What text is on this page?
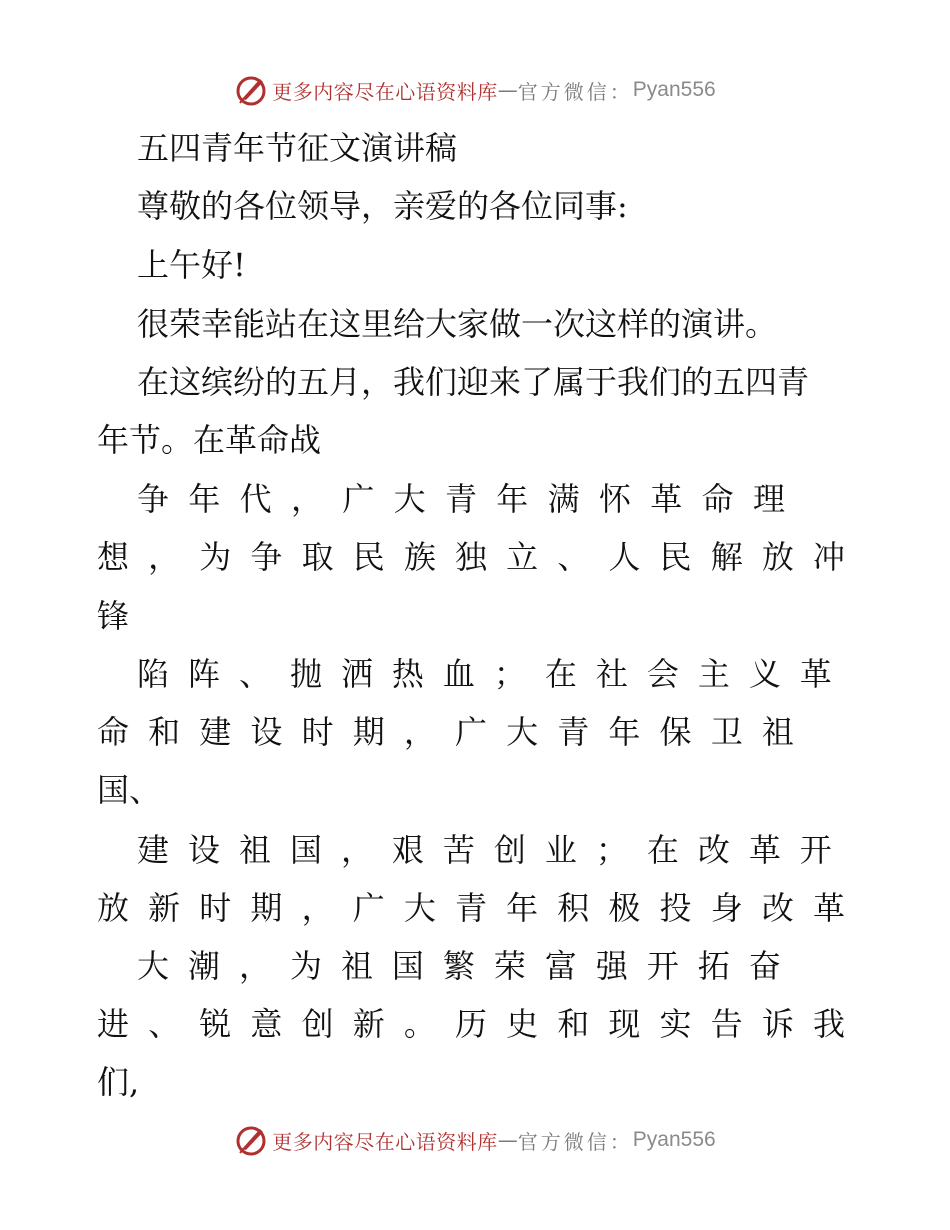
更多内容尽在心语资料库 — 官方微信： Pyan556
五四青年节征文演讲稿
尊敬的各位领导，亲爱的各位同事:
上午好!
很荣幸能站在这里给大家做一次这样的演讲。
在这缤纷的五月，我们迎来了属于我们的五四青
年节。在革命战
争 年 代 ， 广 大 青 年 满 怀 革 命 理
想 ， 为 争 取 民 族 独 立 、 人 民 解 放 冲
锋
陷 阵 、 抛 洒 热 血 ； 在 社 会 主 义 革
命 和 建 设 时 期 ， 广 大 青 年 保 卫 祖
国、
建 设 祖 国 ， 艰 苦 创 业 ； 在 改 革 开
放 新 时 期 ， 广 大 青 年 积 极 投 身 改 革
大 潮 ， 为 祖 国 繁 荣 富 强 开 拓 奋
进 、 锐 意 创 新 。 历 史 和 现 实 告 诉 我
们,
更多内容尽在心语资料库 — 官方微信： Pyan556
